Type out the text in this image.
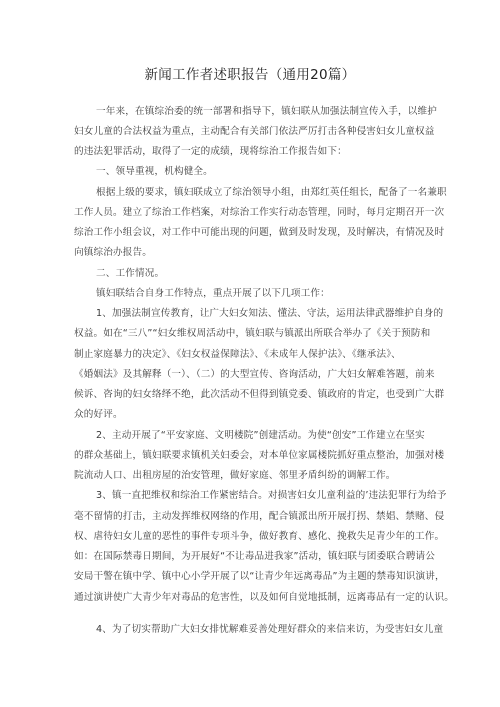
新闻工作者述职报告（通用20篇）
一年来，在镇综治委的统一部署和指导下，镇妇联从加强法制宣传入手，以维护
妇女儿童的合法权益为重点，主动配合有关部门依法严厉打击各种侵害妇女儿童权益
的违法犯罪活动，取得了一定的成绩，现将综治工作报告如下：
一、领导重视，机构健全。
根据上级的要求，镇妇联成立了综治领导小组，由郑红英任组长，配备了一名兼职
工作人员。建立了综治工作档案，对综治工作实行动态管理，同时，每月定期召开一次
综治工作小组会议，对工作中可能出现的问题，做到及时发现，及时解决，有情况及时
向镇综治办报告。
二、工作情况。
镇妇联结合自身工作特点，重点开展了以下几项工作：
1、加强法制宣传教育，让广大妇女知法、懂法、守法，运用法律武器维护自身的
权益。如在“三八”“妇女维权周活动中，镇妇联与镇派出所联合举办了《关于预防和
制止家庭暴力的决定》、《妇女权益保障法》、《未成年人保护法》、《继承法》、
《婚姻法》及其解释（一）、（二）的大型宣传、咨询活动，广大妇女解难答题，前来
候诉、咨询的妇女络绎不绝，此次活动不但得到镇党委、镇政府的肯定，也受到广大群
众的好评。
2、主动开展了“平安家庭、文明楼院”创建活动。为使“创安”工作建立在坚实
的群众基础上，镇妇联要求镇机关妇委会，对本单位家属楼院抓好重点整治，加强对楼
院流动人口、出租房屋的治安管理，做好家庭、邻里矛盾纠纷的调解工作。
3、镇一直把维权和综治工作紧密结合。对损害妇女儿童利益的’违法犯罪行为给予
毫不留情的打击，主动发挥维权网络的作用，配合镇派出所开展打拐、禁娼、禁赌、侵
权、虐待妇女儿童的恶性的事件专项斗争，做好教育、感化、挽救失足青少年的工作。
如：在国际禁毒日期间，为开展好“不让毒品进我家”活动，镇妇联与团委联合聘请公
安局干警在镇中学、镇中心小学开展了以“让青少年远离毒品”为主题的禁毒知识演讲，
通过演讲使广大青少年对毒品的危害性，以及如何自觉地抵制，远离毒品有一定的认识。
4、为了切实帮助广大妇女排忧解难妥善处理好群众的来信来访，为受害妇女儿童
